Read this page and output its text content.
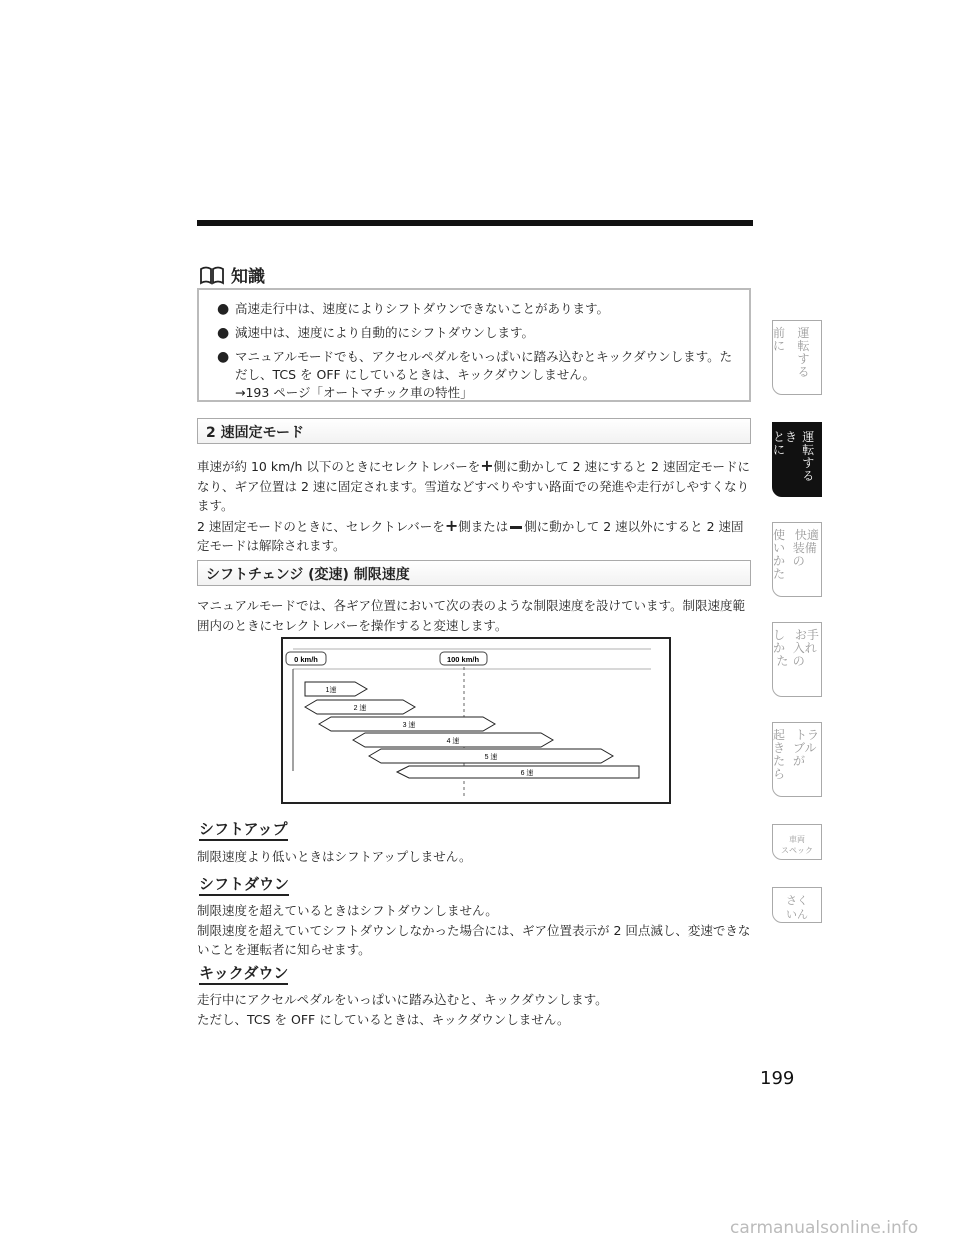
知識
● 高速走行中は、速度によりシフトダウンできないことがあります。
● 減速中は、速度により自動的にシフトダウンします。
● マニュアルモードでも、アクセルペダルをいっぱいに踏み込むとキックダウンします。ただし、TCS を OFF にしているときは、キックダウンしません。
→193 ページ「オートマチック車の特性」
2 速固定モード
車速が約 10 km/h 以下のときにセレクトレバーを+側に動かして 2 速にすると 2 速固定モードになり、ギア位置は 2 速に固定されます。雪道などすべりやすい路面での発進や走行がしやすくなります。
2 速固定モードのときに、セレクトレバーを+側または 側に動かして 2 速以外にすると 2 速固定モードは解除されます。
シフトチェンジ (変速) 制限速度
マニュアルモードでは、各ギア位置において次の表のような制限速度を設けています。制限速度範囲内のときにセレクトレバーを操作すると変速します。
0 km/h	100 km/h
1速
2 速
3 速
4 速
5 速
6 速
シフトアップ
制限速度より低いときはシフトアップしません。
シフトダウン
制限速度を超えているときはシフトダウンしません。
制限速度を超えていてシフトダウンしなかった場合には、ギア位置表示が 2 回点滅し、変速できないことを運転者に知らせます。
キックダウン
走行中にアクセルペダルをいっぱいに踏み込むと、キックダウンします。
ただし、TCS を OFF にしているときは、キックダウンしません。
前に
運転
する
ときに
運転
する
使い
かた
快適
装備の
しか
た
お手
入れの
起き
たら
トラ
ブルが
車両
スペック
さく
いん
199
carmanualsonline.info
